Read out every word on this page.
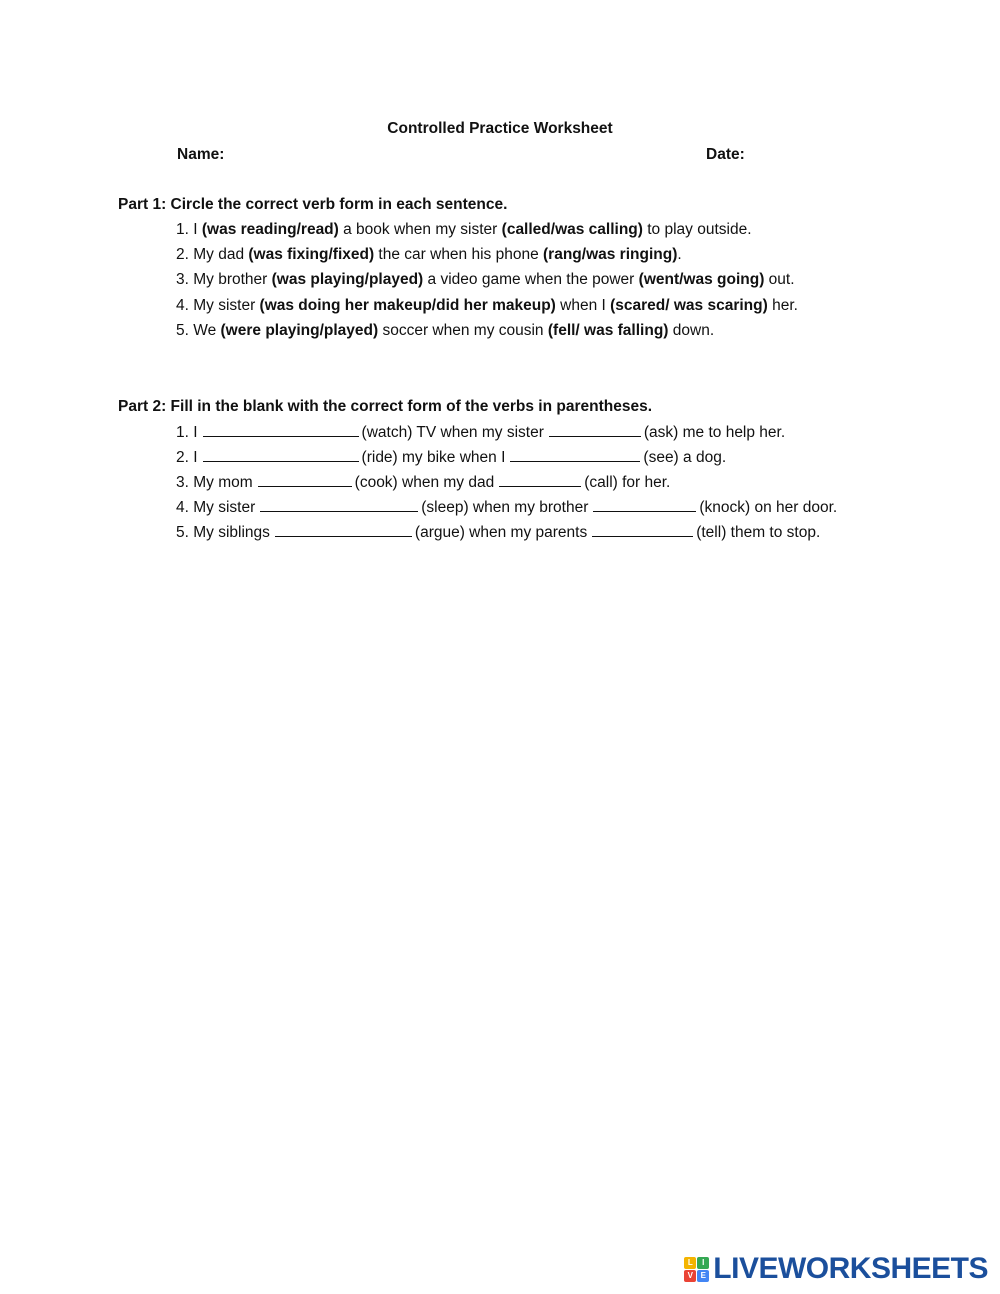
Controlled Practice Worksheet
Name:	Date:
Part 1: Circle the correct verb form in each sentence.
1. I (was reading/read) a book when my sister (called/was calling) to play outside.
2. My dad (was fixing/fixed) the car when his phone (rang/was ringing).
3. My brother (was playing/played) a video game when the power (went/was going) out.
4. My sister (was doing her makeup/did her makeup) when I (scared/ was scaring) her.
5. We (were playing/played) soccer when my cousin (fell/ was falling) down.
Part 2: Fill in the blank with the correct form of the verbs in parentheses.
1. I	(watch) TV when my sister	(ask) me to help her.
2. I	(ride) my bike when I	(see) a dog.
3. My mom	(cook) when my dad	(call) for her.
4. My sister	(sleep) when my brother	(knock) on her door.
5. My siblings	(argue) when my parents	(tell) them to stop.
L	I
V E LIVEWORKSHEETS
